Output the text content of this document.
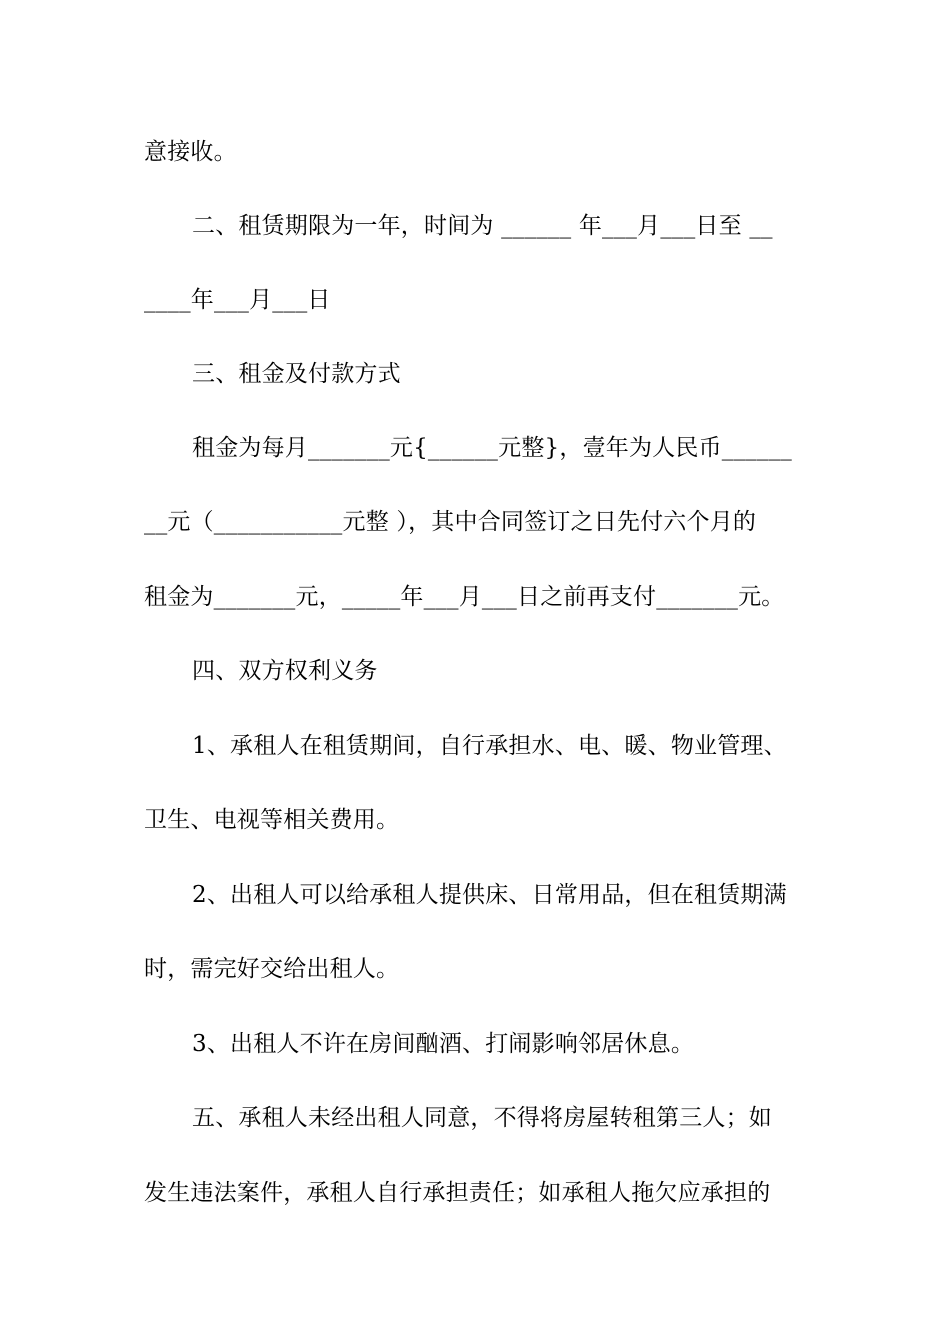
意接收。
二、租赁期限为一年，时间为 ______ 年___月___日至 __
____年___月___日
三、租金及付款方式
租金为每月_______元{______元整}，壹年为人民币______
__元（___________元整 ），其中合同签订之日先付六个月的
租金为_______元，_____年___月___日之前再支付_______元。
四、双方权利义务
1、承租人在租赁期间，自行承担水、电、暖、物业管理、
卫生、电视等相关费用。
2、出租人可以给承租人提供床、日常用品，但在租赁期满
时，需完好交给出租人。
3、出租人不许在房间酗酒、打闹影响邻居休息。
五、承租人未经出租人同意，不得将房屋转租第三人；如
发生违法案件，承租人自行承担责任；如承租人拖欠应承担的
